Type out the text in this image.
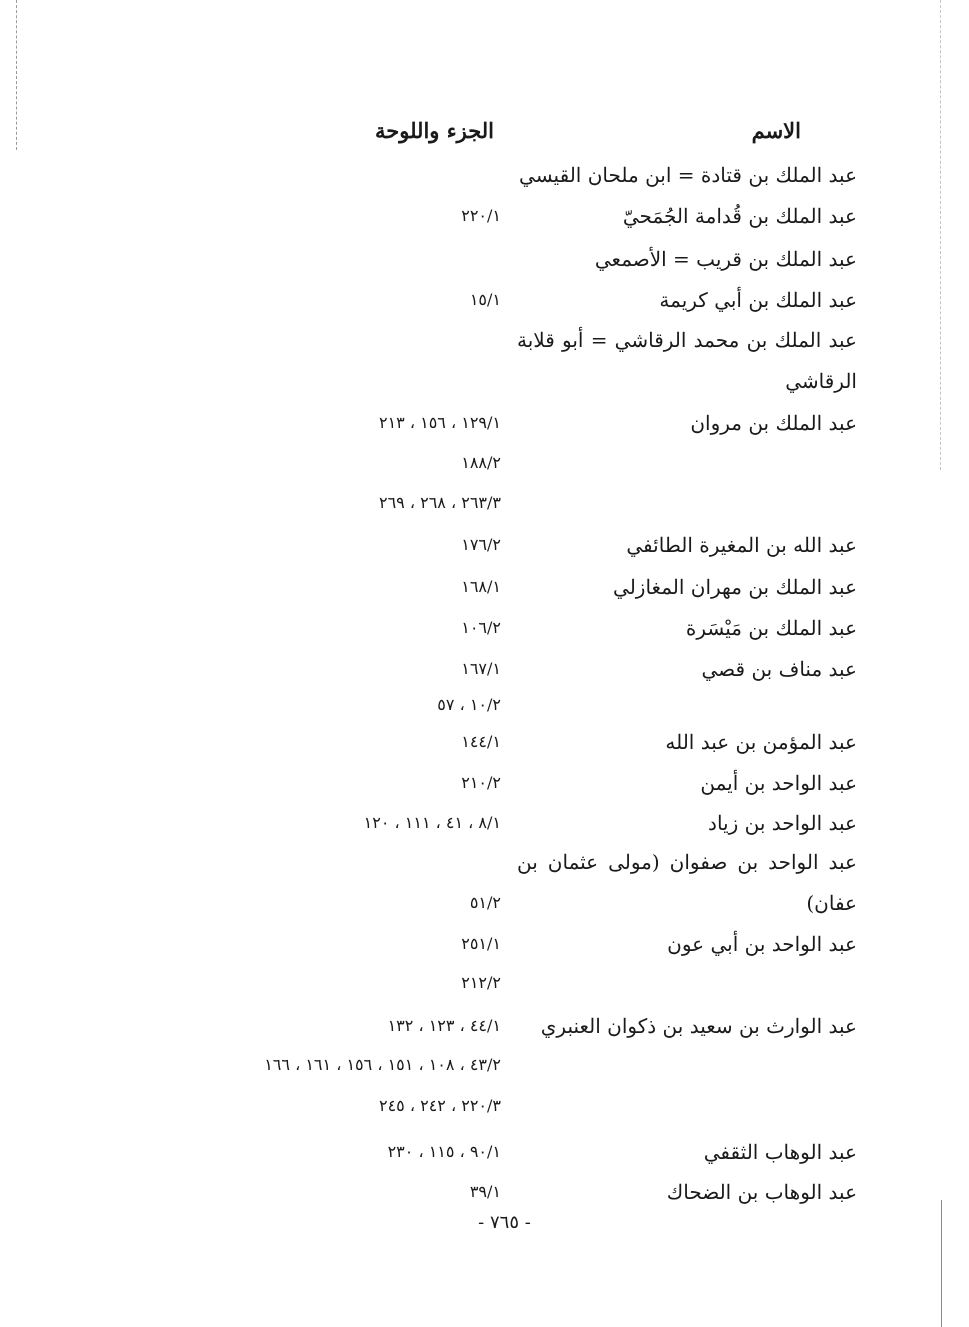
الاسم
الجزء واللوحة
عبد الملك بن قتادة = ابن ملحان القيسي
عبد الملك بن قُدامة الجُمَحيّ
٢٢٠/١
عبد الملك بن قريب = الأصمعي
عبد الملك بن أبي كريمة
١٥/١
عبد الملك بن محمد الرقاشي = أبو قلابة
الرقاشي
عبد الملك بن مروان
١٢٩/١ ، ١٥٦ ، ٢١٣
١٨٨/٢
٢٦٣/٣ ، ٢٦٨ ، ٢٦٩
عبد الله بن المغيرة الطائفي
١٧٦/٢
عبد الملك بن مهران المغازلي
١٦٨/١
عبد الملك بن مَيْسَرة
١٠٦/٢
عبد مناف بن قصي
١٦٧/١
١٠/٢ ، ٥٧
عبد المؤمن بن عبد الله
١٤٤/١
عبد الواحد بن أيمن
٢١٠/٢
عبد الواحد بن زياد
٨/١ ، ٤١ ، ١١١ ، ١٢٠
عبد الواحد بن صفوان (مولى عثمان بن
عفان)
٥١/٢
عبد الواحد بن أبي عون
٢٥١/١
٢١٢/٢
عبد الوارث بن سعيد بن ذكوان العنبري
٤٤/١ ، ١٢٣ ، ١٣٢
٤٣/٢ ، ١٠٨ ، ١٥١ ، ١٥٦ ، ١٦١ ، ١٦٦
٢٢٠/٣ ، ٢٤٢ ، ٢٤٥
عبد الوهاب الثقفي
٩٠/١ ، ١١٥ ، ٢٣٠
عبد الوهاب بن الضحاك
٣٩/١
- ٧٦٥ -
